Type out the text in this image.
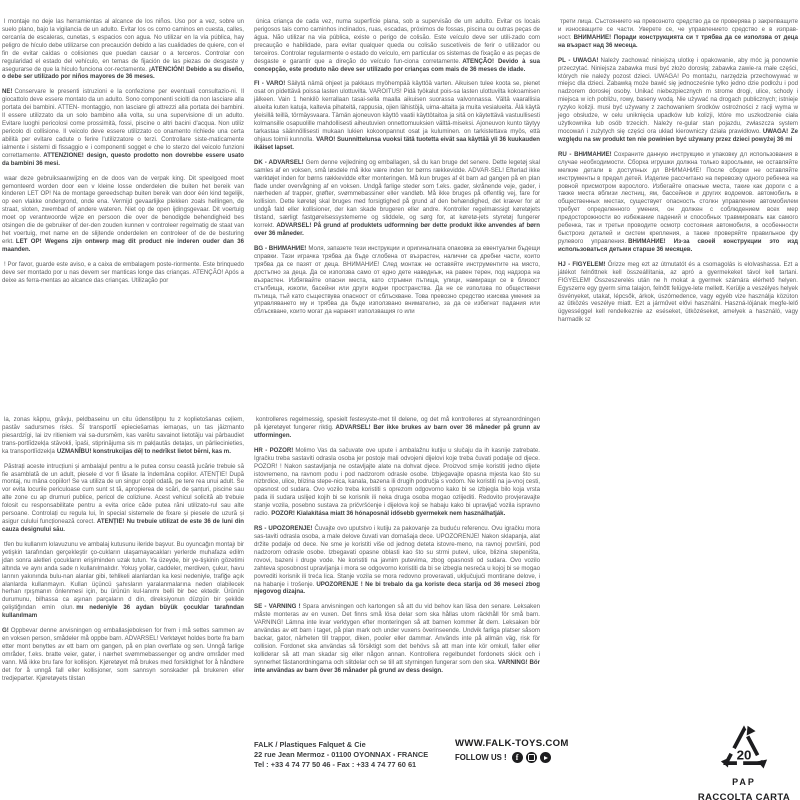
l montaje no deje las herramientas al alcance de los niños. Uso por a vez, sobre un suelo plano, bajo la vigilancia de un adulto. Evitar los os como caminos en cuesta, calles, cercanía de escaleras, cunetas, s espacios con agua. No utilizar en la vía pública, hay peligro de hículo debe utilizarse con precaución debido a las cualidades de quiere, con el fin de evitar caídas o colisiones que puedan causar o a terceros. Controlar con regularidad el estado del vehículo, en temas de fijación de las piezas de desgaste y asegurarse de que la hículo funciona cor-rectamente. ¡ATENCIÓN! Debido a su diseño, o debe ser utilizado por niños mayores de 36 meses.

NE! Conservare le presenti istruzioni e la confezione per eventuali consultazio-ni. Il giocattolo deve essere montato da un adulto. Sono componenti sciolti da non lasciare alla portata dei bambini. ATTEN- montaggio, non lasciare gli attrezzi alla portata dei bambini. Il essere utilizzato da un solo bambino alla volta, su una supervisione di un adulto. Evitare luoghi pericolosi come prossimità, fossi, piscine o altri bacini d'acqua. Non utiliz pericolo di collisione. Il veicolo deve essere utilizzato co onamento richiede una certa abilità per evitare cadute o ferire l'utilizzatore o terzi. Controllare siste-maticamente ialmente i sistemi di fissaggio e i componenti sogget e che lo sterzo del veicolo funzioni correttamente. ATTENZIONE! design, questo prodotto non dovrebbe essere usato da bambini 36 mesi.

waar deze gebruiksaanwijzing en de doos van de verpak king. Dit speelgoed moet gemonteerd worden door een v kleine losse onderdelen die buiten het bereik van kinderen LET OP! Na de montage gereedschap buiten bereik van door één kind tegelijk, op een vlakke ondergrond, onde ena. Vermijd gevaarlijke plekken zoals hellingen, de straat, sloten, zwembad of andere wateren. Niet op de open ijdingsgevaar. Dit voertuig moet op verantwoorde wijze en persoon die over de benodigde behendigheid bes otsingen die de gebruiker of der-den zouden kunnen v controleer regelmatig de staat van het voertuig, met name en de slijtende onderdelen en controleer of de de besturing erkt. LET OP! Wegens zijn ontwerp mag dit product nie inderen ouder dan 36 maanden.

! Por favor, guarde este aviso, e a caixa de embalagem poste-riormente. Este brinquedo deve ser montado por u nas devem ser manticas longe das crianças. ATENÇÃO! Após a deixe as ferra-mentas ao alcance das crianças. Utilização por

la, zonas kāpņu, grāvju, peldbaseinu un citu ūdenstilpņu tu z koplietošanas ceļiem, pastāv sadursmes risks. Šī transportlī epieciešamas iemaņas, un tas jāizmanto piesardzīgi, lai izv ritieniem vai sa-dursmēm, kas varētu savainot lietotāju vai pārbaudiet trans-portlīdzekļa stāvokli, īpaši, stiprinājuma sis m pakļautās detaļas, un pārliecinieties, ka transportlīdzekļa UZMANĪBU! konstrukcijas dēļ to nedrīkst lietot bērni, kas m.

Păstrați aceste intrucțiuni și ambalajul pentru a le putea consu ceastă jucărie trebuie să fie asamblată de un adult, piesele d vor fi lăsate la îndemâna copiilor. ATENȚIE! După montaj, nu mâna copiilor! Se va utiliza de un singur copil odată, pe tere rea unui adult. Se vor evita locurile periculoase cum sunt st tă, apropierea de scări, de șanțuri, piscine sau alte zone cu ap drumuri publice, pericol de coliziune. Acest vehicul solicită ab trebuie folosit cu responsabilitate pentru a evita orice căde putea răni utilizato-rul sau alte persoane. Controlați cu regula lui, în special sistemele de fixare și piesele de uzură și asigur culului funcționează corect. ATENȚIE! Nu trebuie utilizat de este 36 de luni din cauza designului său.

tfen bu kullanım kılavuzunu ve ambalaj kutusunu ileride başvur. Bu oyuncağın montajı bir yetişkin tarafından gerçekleştir ço-cukların ulaşamayacakları yerlerde muhafaza edilm jdan sonra aletleri çocukların erişiminden uzak tutun. Ya üzeyde, bir ye-tişkinin gözetimi altında ve aynı anda sade n kullanılmalıdır. Yokuş yollar, caddeler, merdiven, çukur, havu larının yakınında bulu-nan alanlar gibi, tehlikeli alanlardan ka kesi nedeniyle, trafiğe açık alanlarda kullanmayın. Kullan üçüncü şahısların yaralanmalarına neden olabilecek herhan rpışmanın önlenmesi için, bu ürünün kul-lanımı belli bir bec ektedir. Ürünün durumunu, bilhassa ca aşınan parçaların d din, direksiyonun düzgün bir şekilde çeliştiğından emin olun. mı nedeniyle 36 aydan büyük çocuklar tarafından kullanılmam

G! Oppbevar denne anvisningen og emballasjeboksen for frem i må settes sammen av en voksen person, smådeler må oppbe barn. ADVARSEL! Verktøyet holdes borte fra barn etter mont benyttes av ett barn om gangen, på en plan overflate og sen. Unngå farlige områder, f.eks. bratte veier, gater, i nærhet svømmebassenger og andre områder med vann. Må ikke bru fare for kollisjon. Kjøretøyet må brukes med forsiktighet for å håndtere det for å unngå fall eller kollisjoner, som sannsyn sonskader på brukeren eller tredjeparter. Kjøretøyets tilstan

única criança de cada vez, numa superfície plana, sob a supervisão de um adulto. Evitar os locais perigosos tais como caminhos inclinados, ruas, escadas, próximos de fossas, piscina ou outras peças de água. Não utilizar na via pública, existe o perigo de colisão. Este veículo deve ser utili-zado com precaução e habilidade, para evitar qualquer queda ou colisão suscetíveis de ferir o utilizador ou terceiros. Controlar regularmente o estado do veículo, em particular os sistemas de fixação e as peças de desgaste e garantir que a direção do veículo fun-ciona corretamente. ATENÇÃO! Devido à sua concepção, este produto não deve ser utilizado por crianças com mais de 36 meses de idade.

FI - VARO! Säilytä nämä ohjeet ja pakkaus myöhempää käyttöä varten. Aikuisen tulee koota se, pienet osat on pidettävä poissa lasten ulottuvilta. VAROITUS! Pidä työkalut pois-sa lasten ulottuvilta kokoamisen jälkeen. Vain 1 henkilö kerrallaan tasai-sella maalla aikuisen suorassa valvonnassa. Vältä vaarallisia alueita kuten katuja, kaltevia pihateitä, rappusia, ojien lähistöjä, uima-altaita ja muita vesialueita. Älä käytä yleisillä teillä, törmäysvaara. Tämän ajoneuvon käyttö vaatii käyttötaitoa ja sitä on käytettävä vastuullisesti kolmansille osapuolille mahdollisesti aiheutuvien onnettomuuksien välttä-miseksi. Ajoneuvon kunto täytyy tarkastaa säännöllisesti mukaan lukien kokoonpannut osat ja kuluminen. on tarkistettava myös, että ohjaus toimii kunnolla. VARO! Suunnittelunsa vuoksi tätä tuotetta eivät saa käyttää yli 36 kuukauden ikäiset lapset.

DK - ADVARSEL! Gem denne vejledning og emballagen, så du kan bruge det senere. Dette legetøj skal samles af en voksen, små løsdele må ikke være inden for børns rækkevidde. ADVAR-SEL! Efterlad ikke værktøjet inden for børns rækkevidde efter monteringen. Må kun bruges af ét barn ad gangen på en plan flade under overvågning af en voksen. Undgå farlige steder som f.eks. gader, skrånende veje, gader, i nærheden af trapper, grøfter, svømmebassiner eller vandløb. Må ikke bruges på offentlig vej, fare for kollision. Dette køretøj skal bruges med forsigtighed på grund af den behændighed, det kræver for at undgå fald eller kollisioner, der kan skade brugeren eller andre. Kontroller regelmæssigt køretøjets tilstand, særligt fastgørelsessystemerne og sliddele, og sørg for, at køretø-jets styretøj fungerer korrekt. ADVARSEL! På grund af produktets udformning bør dette produkt ikke anvendes af børn over 36 måneder.

BG - ВНИМАНИЕ! Моля, запазете тези инструкции и оригиналната опаковка за евентуални бъдещи справки. Тази играчка трябва да бъде сглобена от възрастен, налични са дребни части, които трябва да се пазят от деца. ВНИМАНИЕ! След монтаж не оставяйте инструментите на място, достъпно за деца. Да се използва само от едно дете наведнъж, на равен терен, под надзора на възрастен. Избягвайте опасни места, като стръмни пътища, улици, намиращи се в близост стълбища, изкопи, басейни или други водни пространства. Да не се използва по обществени пътища, тъй като съществува опасност от сблъскване. Това превозно средство изисква умения за управляването му и трябва да бъде използвано внимателно, за да се избегнат падания или сблъскване, които могат да наранят използващия го или

kontrolleres regelmessig, spesielt festesyste-met til delene, og det må kontrolleres at styreanordningen på kjøretøyet fungerer riktig. ADVARSEL! Bør ikke brukes av barn over 36 måneder på grunn av utformingen.

HR - POZOR! Molimo Vas da sačuvate ove upute i ambalažnu kutiju u slučaju da ih kasnije zatrebate. Igračku treba sastaviti odrasla osoba jer postoje mali odvojeni dijelovi koje treba čuvati podalje od djece. POZOR! ! Nakon sastavljanja ne ostavljajte alate na dohvat djece. Proizvod smije koristiti jedno dijete istovremeno, na ravnom podu i pod nadzorom odrasle osobe. Izbjegavajte opasna mjesta kao što su nizbrdice, ulice, blizina stepe-nica, kanala, bazena ili drugih područja s vodom. Ne koristiti na ja-vnoj cesti, opasnost od sudara. Ovo vozilo treba koristiti s oprezom odgovorno kako bi se izbjegla bilo koja vrsta pada ili sudara uslijed kojih bi se korisnik ili neka druga osoba mogao ozlijediti. Redovito provjeravajte stanje vozila, posebno sustava za pričvršćenje i dijelova koji se habaju kako bi upravljač vozila ispravno radio. POZOR! Kialakítása miatt 36 hónaposnál idősebb gyermekek nem használhatják.

RS - UPOZORENJE! Čuvajte ovo uputstvo i kutiju za pakovanje za buduću referencu. Ovu igračku mora sas-taviti odrasla osoba, a male delove čuvati van domašaja dece. UPOZORENJE! Nakon sklapanja, alat držite podalje od dece. Ne sme je koristiti više od jednog deteta istovre-meno, na ravnoj površini, pod nadzorom odrasle osobe. Izbegavati opasne oblasti kao što su strmi putevi, ulice, blizina stepeništa, rovovi, bazeni i druge vode. Ne koristiti na javnim putevima, zbog opasnosti od sudara. Ovo vozilo zahteva sposobnost upravljanja i mora se odgovorno koristiti da bi se izbegla nesreća u kojoj bi se mogao povrediti korisnik ili treća lica. Stanje vozila se mora redovno proveravati, uključujući montirane delove, i na habanje i trošenje. UPOZORENJE ! Ne bi trebalo da ga koriste deca starija od 36 meseci zbog njegovog dizajna.

SE - VARNING ! Spara anvisningen och kartongen så att du vid behov kan läsa den senare. Leksaken måste monteras av en vuxen. Det finns små lösa delar som ska hållas utom räckhåll för små barn. VARNING! Lämna inte kvar verktygen efter monteringen så att barnen kommer åt dem. Leksaken bör användas av ett barn i taget, på plan mark och under vuxens överinseende. Undvik farliga platser såsom backar, gator, närheten till trappor, diken, pooler eller dammar. Används inte på allmän väg, risk för collision. Fordonet ska användas så försiktigt som det behövs så att man inte kör omkull, faller eller kolliderar så att man skadar sig eller någon annan. Kontrollera regelbundet fordonets skick och i synnerhet fästanordningarna och slitdelar och se till att styrningen fungerar som den ska. VARNING! Bör inte användas av barn över 36 månader på grund av dess design.

трети лица. Състоянието на превозното средство да се проверява р закрепващите и износващите се части. Уверете се, че управлението средство е в изправ-ност. ВНИМАНИЕ! Поради конструкцията си т трябва да се използва от деца на възраст над 36 месеца.

PL - UWAGA! Należy zachować niniejszą ulotkę i opakowanie, aby móc ją ponownie przeczytać. Niniejsza zabawka musi być złożo dorosłą; zabawka zawie-ra małe części, których nie należy pozost dzieci. UWAGA! Po montażu, narzędzia przechowywać w miejsc dla dzieci. Zabawką może bawić się jednocześnie tylko jedno dzie podłożu i pod nadzorem dorosłej osoby. Unikać niebezpiecznych m strome drogi, ulice, schody i miejsca w ich pobliżu, rowy, baseny wodą. Nie używać na drogach publicznych; istnieje ryzyko kolizji. musi być używany z zachowaniem środków ostrożności z racji wyma w jego obsłudze, w celu uniknięcia upadków lub kolizji, które mo uszkodzenie ciała użytkownika lub osób trzecich. Należy re-gular stan pojazdu, zwłaszcza system mocowań i zużytych się części ora układ kierowniczy działa prawidłowo. UWAGA! Ze względu na sw produkt ten nie powinien być używany przez dzieci powyżej 36 mi

RU - ВНИМАНИЕ! Сохраните данную инструкцию и упаковку дл использования в случае необходимости. Сборка игрушки должна только взрослыми, не оставляйте мелкие детали в доступных дл ВНИМАНИЕ! После сборки не оставляйте инструменты в предел детей. Изделие рассчитано на перевозку одного ребенка на ровной присмотром взрослого. Избегайте опасные места, такие как дороги с а также места вблизи лестниц, ям, бассейнов и других водоемов. автомобиль в общественных местах, существует опасность столкн управление автомобилем требует определенного умения, он должен с соблюдением всех мер предосторожности во избежание падений и способных травмировать как самого ребенка, так и третьи проводите осмотр состояния автомобиля, в особенности быстроиз деталей и систем крепления, а также проверяйте правильное фу рулевого управления. ВНИМАНИЕ! Из-за своей конструкции это изд использоваться детьми старше 36 месяцев.

HJ - FIGYELEM! Őrizze meg ezt az útmutatót és a csomagolás is elolvashassa. Ezt a játékot felnőttnek kell összeállítania, az apró a gyermekeket távol kell tartani. FIGYELEM! Összeszerelés után ne h mokat a gyermek számára elérhető helyen. Egyszerre egy gyerm sima talajon, felnőtt felügye-lete mellett. Kerülje a veszélyes helyek ösvényeket, utakat, lépcsők, árkok, úszómedence, vagy egyéb vize használja közúton az ütközés veszélye miatt. Ezt a járművet elővi használni. Haszná-lójának megfe-lelő ügyességgel kell rendelkeznie az eséseket, ütközéseket, amelyek a használó, vagy harmadik sz

FALK / Plastiques Falquet & Cie
22 rue Jean Mermoz - 01100 OYONNAX - FRANCE
Tel : +33 4 74 77 50 46 - Fax : +33 4 74 77 60 61
WWW.FALK-TOYS.COM
FOLLOW US ! f	20
PAP
RACCOLTA CARTA
